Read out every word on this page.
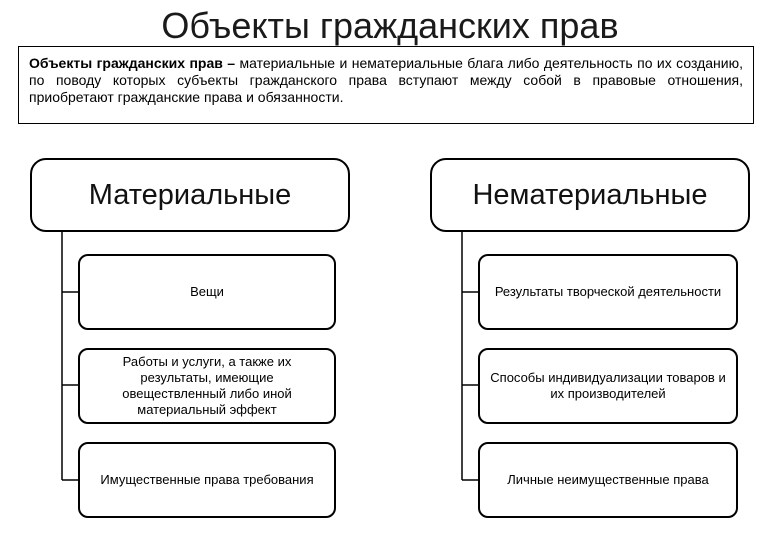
Объекты гражданских прав
Объекты гражданских прав – материальные и нематериальные блага либо деятельность по их созданию, по поводу которых субъекты гражданского права вступают между собой в правовые отношения, приобретают гражданские права и обязанности.
Материальные
Вещи
Работы и услуги, а также их результаты, имеющие овеществленный либо иной материальный эффект
Имущественные права требования
Нематериальные
Результаты творческой деятельности
Способы индивидуализации товаров и их производителей
Личные неимущественные права
